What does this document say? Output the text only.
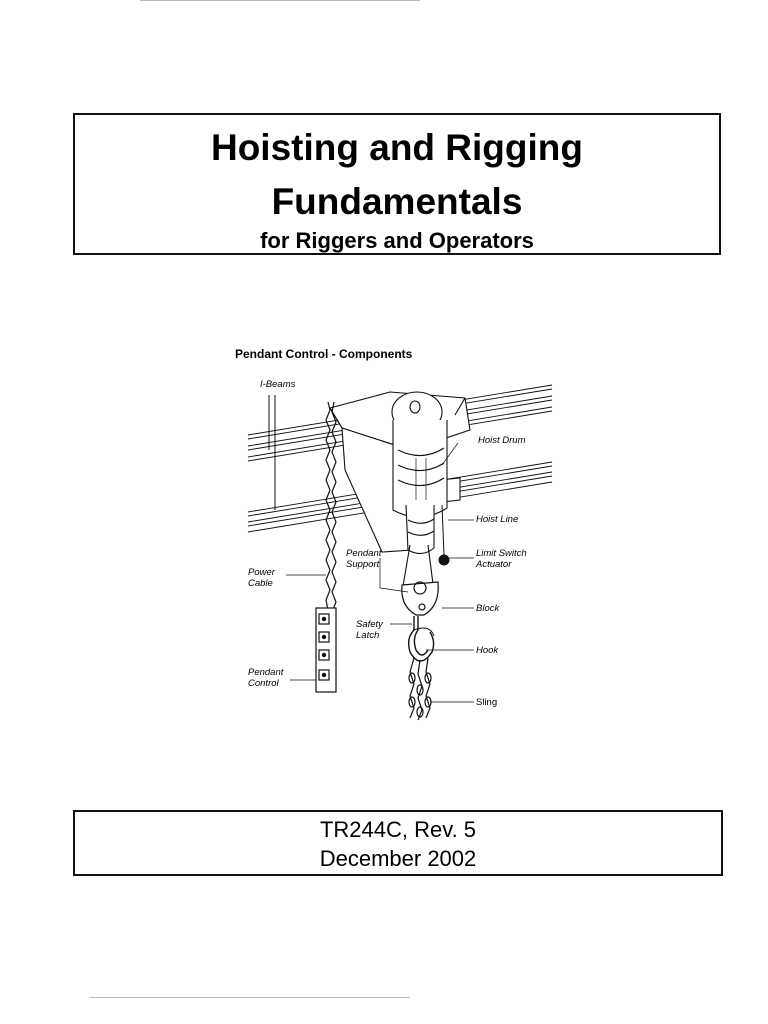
Hoisting and Rigging
Fundamentals
for Riggers and Operators
Pendant Control - Components
I-Beams
Hoist Drum
Hoist Line
Pendant
Support
Limit Switch
Actuator
Power
Cable
Block
Safety
Latch
Hook
Pendant
Control
Sling
TR244C, Rev. 5
December 2002
